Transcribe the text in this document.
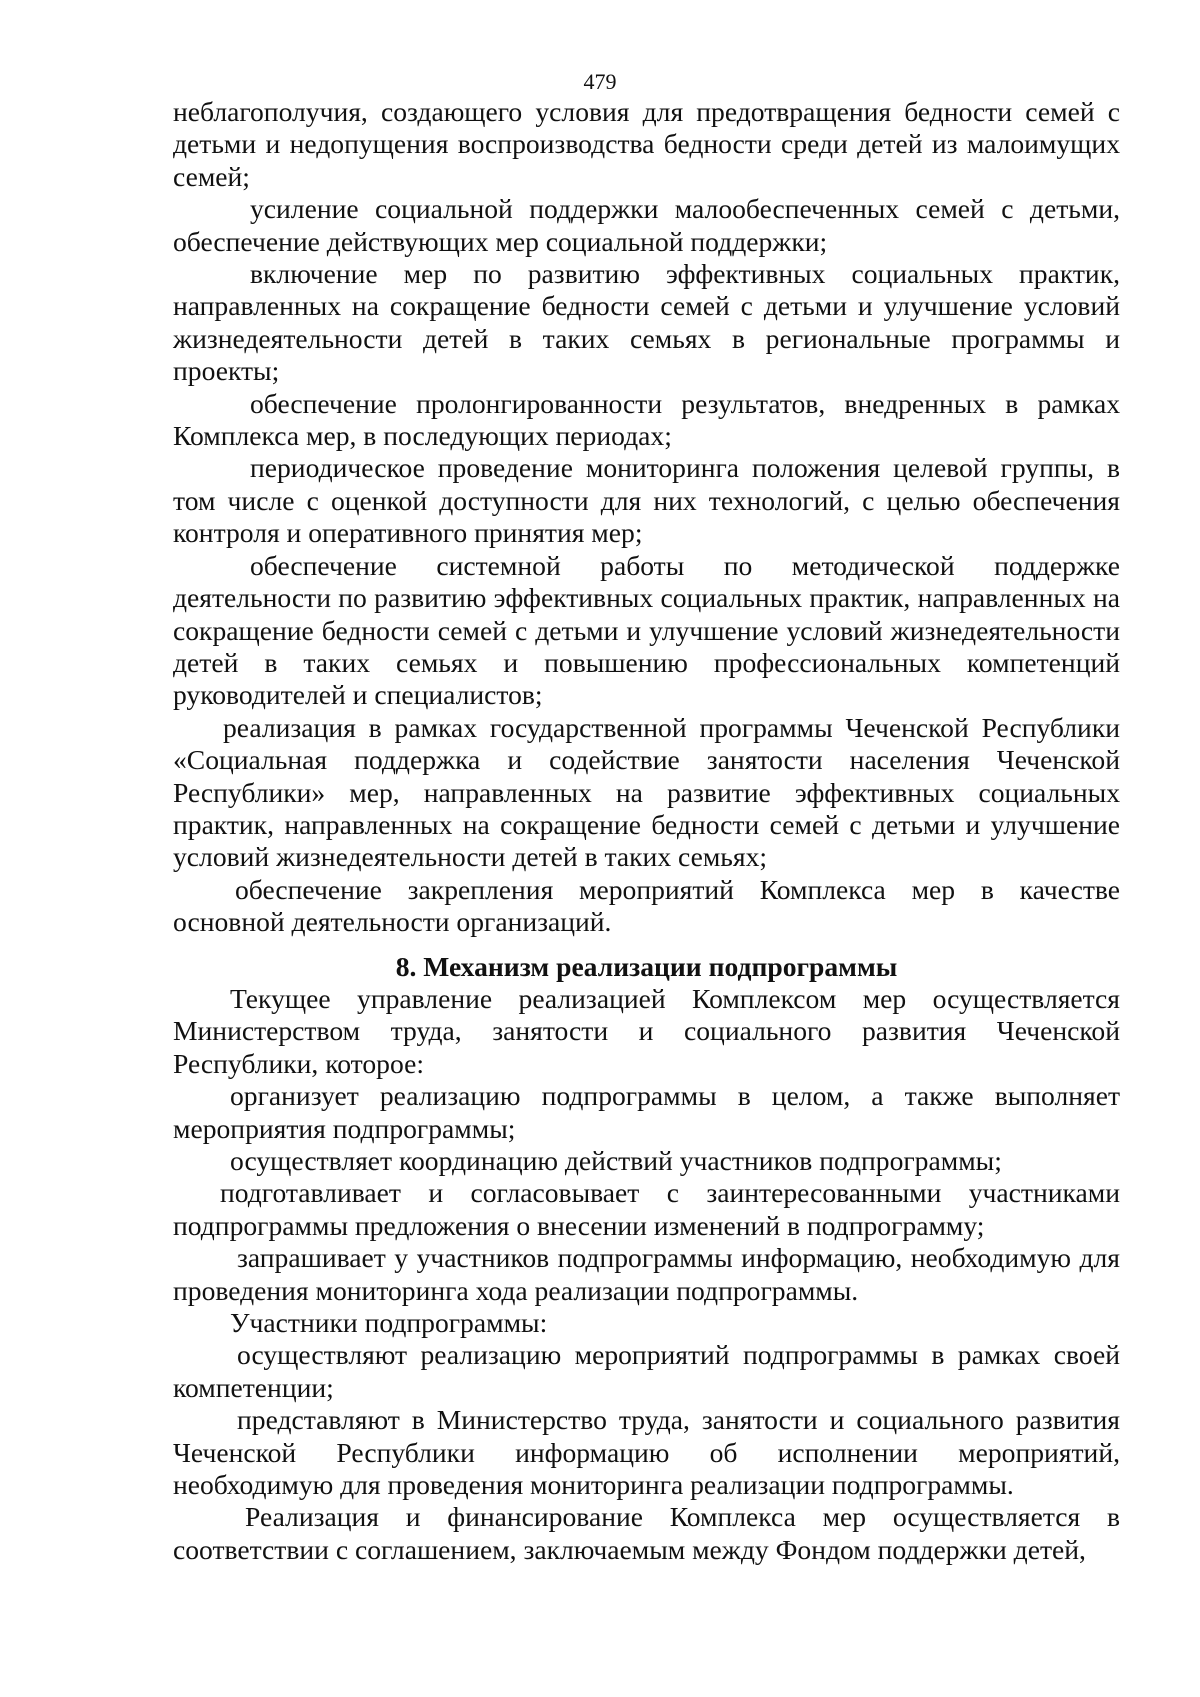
479

неблагополучия, создающего условия для предотвращения бедности семей с детьми и недопущения воспроизводства бедности среди детей из малоимущих семей;

усиление социальной поддержки малообеспеченных семей с детьми, обеспечение действующих мер социальной поддержки;

включение мер по развитию эффективных социальных практик, направленных на сокращение бедности семей с детьми и улучшение условий жизнедеятельности детей в таких семьях в региональные программы и проекты;

обеспечение пролонгированности результатов, внедренных в рамках Комплекса мер, в последующих периодах;

периодическое проведение мониторинга положения целевой группы, в том числе с оценкой доступности для них технологий, с целью обеспечения контроля и оперативного принятия мер;

обеспечение системной работы по методической поддержке деятельности по развитию эффективных социальных практик, направленных на сокращение бедности семей с детьми и улучшение условий жизнедеятельности детей в таких семьях и повышению профессиональных компетенций руководителей и специалистов;

реализация в рамках государственной программы Чеченской Республики «Социальная поддержка и содействие занятости населения Чеченской Республики» мер, направленных на развитие эффективных социальных практик, направленных на сокращение бедности семей с детьми и улучшение условий жизнедеятельности детей в таких семьях;

обеспечение закрепления мероприятий Комплекса мер в качестве основной деятельности организаций.

8. Механизм реализации подпрограммы

Текущее управление реализацией Комплексом мер осуществляется Министерством труда, занятости и социального развития Чеченской Республики, которое:

организует реализацию подпрограммы в целом, а также выполняет мероприятия подпрограммы;

осуществляет координацию действий участников подпрограммы;

подготавливает и согласовывает с заинтересованными участниками подпрограммы предложения о внесении изменений в подпрограмму;

запрашивает у участников подпрограммы информацию, необходимую для проведения мониторинга хода реализации подпрограммы.

Участники подпрограммы:

осуществляют реализацию мероприятий подпрограммы в рамках своей компетенции;

представляют в Министерство труда, занятости и социального развития Чеченской Республики информацию об исполнении мероприятий, необходимую для проведения мониторинга реализации подпрограммы.

Реализация и финансирование Комплекса мер осуществляется в соответствии с соглашением, заключаемым между Фондом поддержки детей,
